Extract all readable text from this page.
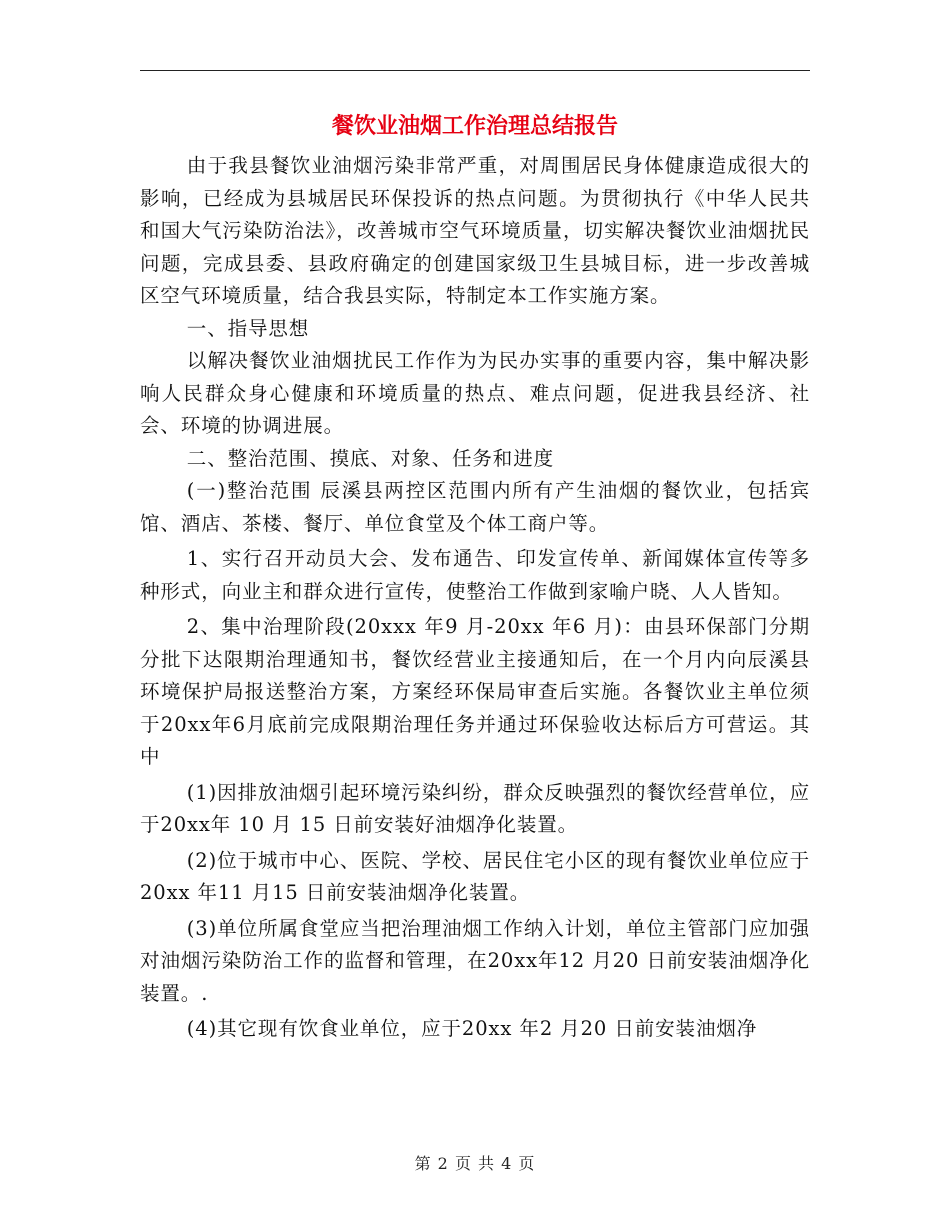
餐饮业油烟工作治理总结报告

由于我县餐饮业油烟污染非常严重，对周围居民身体健康造成很大的影响，已经成为县城居民环保投诉的热点问题。为贯彻执行《中华人民共和国大气污染防治法》，改善城市空气环境质量，切实解决餐饮业油烟扰民问题，完成县委、县政府确定的创建国家级卫生县城目标，进一步改善城区空气环境质量，结合我县实际，特制定本工作实施方案。

一、指导思想

以解决餐饮业油烟扰民工作作为为民办实事的重要内容，集中解决影响人民群众身心健康和环境质量的热点、难点问题，促进我县经济、社会、环境的协调进展。

二、整治范围、摸底、对象、任务和进度

(一)整治范围 辰溪县两控区范围内所有产生油烟的餐饮业，包括宾馆、酒店、茶楼、餐厅、单位食堂及个体工商户等。

1、实行召开动员大会、发布通告、印发宣传单、新闻媒体宣传等多种形式，向业主和群众进行宣传，使整治工作做到家喻户晓、人人皆知。

2、集中治理阶段(20xxx 年9 月-20xx 年6 月)：由县环保部门分期分批下达限期治理通知书，餐饮经营业主接通知后，在一个月内向辰溪县环境保护局报送整治方案，方案经环保局审查后实施。各餐饮业主单位须于20xx年6月底前完成限期治理任务并通过环保验收达标后方可营运。其中

(1)因排放油烟引起环境污染纠纷，群众反映强烈的餐饮经营单位，应于20xx年 10 月 15 日前安装好油烟净化装置。

(2)位于城市中心、医院、学校、居民住宅小区的现有餐饮业单位应于20xx 年11 月15 日前安装油烟净化装置。

(3)单位所属食堂应当把治理油烟工作纳入计划，单位主管部门应加强对油烟污染防治工作的监督和管理，在20xx年12 月20 日前安装油烟净化装置。.

(4)其它现有饮食业单位，应于20xx 年2 月20 日前安装油烟净

第 2 页 共 4 页
